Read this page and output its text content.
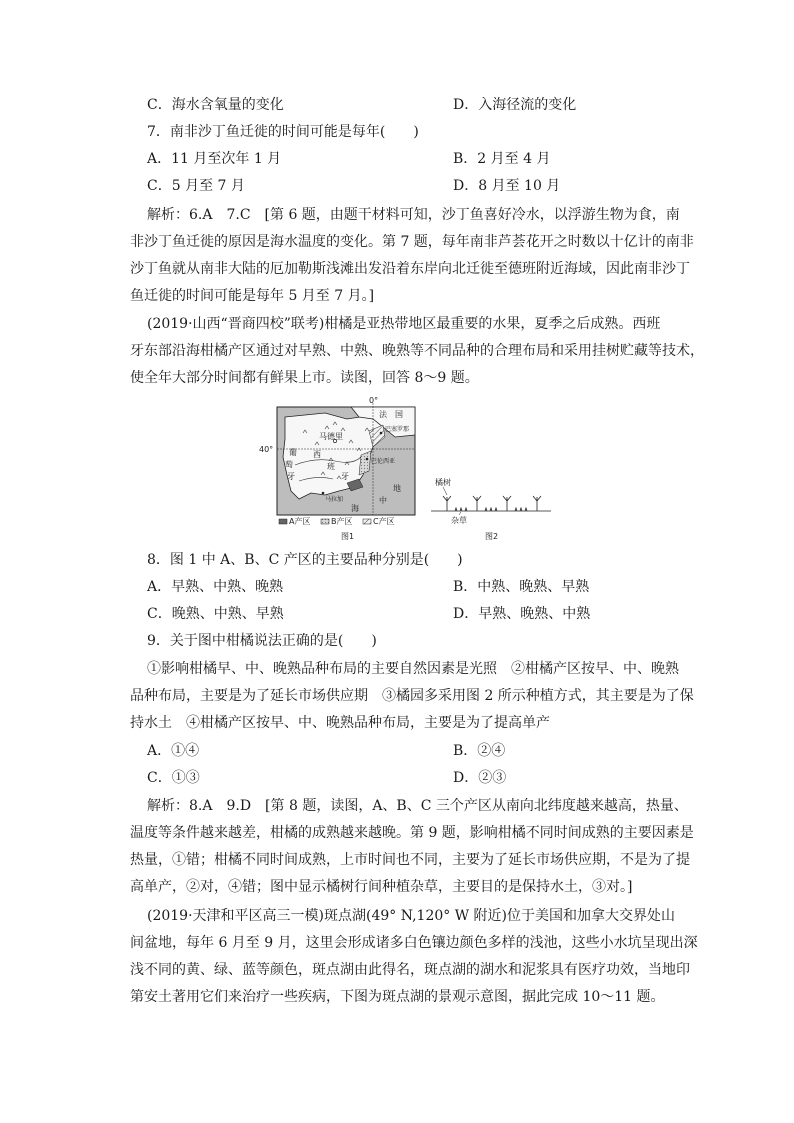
C．海水含氧量的变化	D．入海径流的变化
7．南非沙丁鱼迁徙的时间可能是每年(　　)
A．11 月至次年 1 月	B．2 月至 4 月
C．5 月至 7 月	D．8 月至 10 月
解析：6.A　7.C　[第 6 题，由题干材料可知，沙丁鱼喜好冷水，以浮游生物为食，南
非沙丁鱼迁徙的原因是海水温度的变化。第 7 题，每年南非芦荟花开之时数以十亿计的南非
沙丁鱼就从南非大陆的厄加勒斯浅滩出发沿着东岸向北迁徙至德班附近海域，因此南非沙丁
鱼迁徙的时间可能是每年 5 月至 7 月。]
(2019·山西“晋商四校”联考)柑橘是亚热带地区最重要的水果，夏季之后成熟。西班
牙东部沿海柑橘产区通过对早熟、中熟、晚熟等不同品种的合理布局和采用挂树贮藏等技术，
使全年大部分时间都有鲜果上市。读图，回答 8～9 题。
0°
40°
法　国
马德里
巴塞罗那
巴伦西亚
马拉加
海
中
地
西
班
牙
葡
萄
牙
A产区	B产区	C产区
图1
橘树
杂草
图2
8．图 1 中 A、B、C 产区的主要品种分别是(　　)
A．早熟、中熟、晚熟	B．中熟、晚熟、早熟
C．晚熟、中熟、早熟	D．早熟、晚熟、中熟
9．关于图中柑橘说法正确的是(　　)
①影响柑橘早、中、晚熟品种布局的主要自然因素是光照　②柑橘产区按早、中、晚熟
品种布局，主要是为了延长市场供应期　③橘园多采用图 2 所示种植方式，其主要是为了保
持水土　④柑橘产区按早、中、晚熟品种布局，主要是为了提高单产
A．①④	B．②④
C．①③	D．②③
解析：8.A　9.D　[第 8 题，读图，A、B、C 三个产区从南向北纬度越来越高，热量、
温度等条件越来越差，柑橘的成熟越来越晚。第 9 题，影响柑橘不同时间成熟的主要因素是
热量，①错；柑橘不同时间成熟，上市时间也不同，主要为了延长市场供应期，不是为了提
高单产，②对，④错；图中显示橘树行间种植杂草，主要目的是保持水土，③对。]
(2019·天津和平区高三一模)斑点湖(49° N,120° W 附近)位于美国和加拿大交界处山
间盆地，每年 6 月至 9 月，这里会形成诸多白色镶边颜色多样的浅池，这些小水坑呈现出深
浅不同的黄、绿、蓝等颜色，斑点湖由此得名，斑点湖的湖水和泥浆具有医疗功效，当地印
第安土著用它们来治疗一些疾病，下图为斑点湖的景观示意图，据此完成 10～11 题。
